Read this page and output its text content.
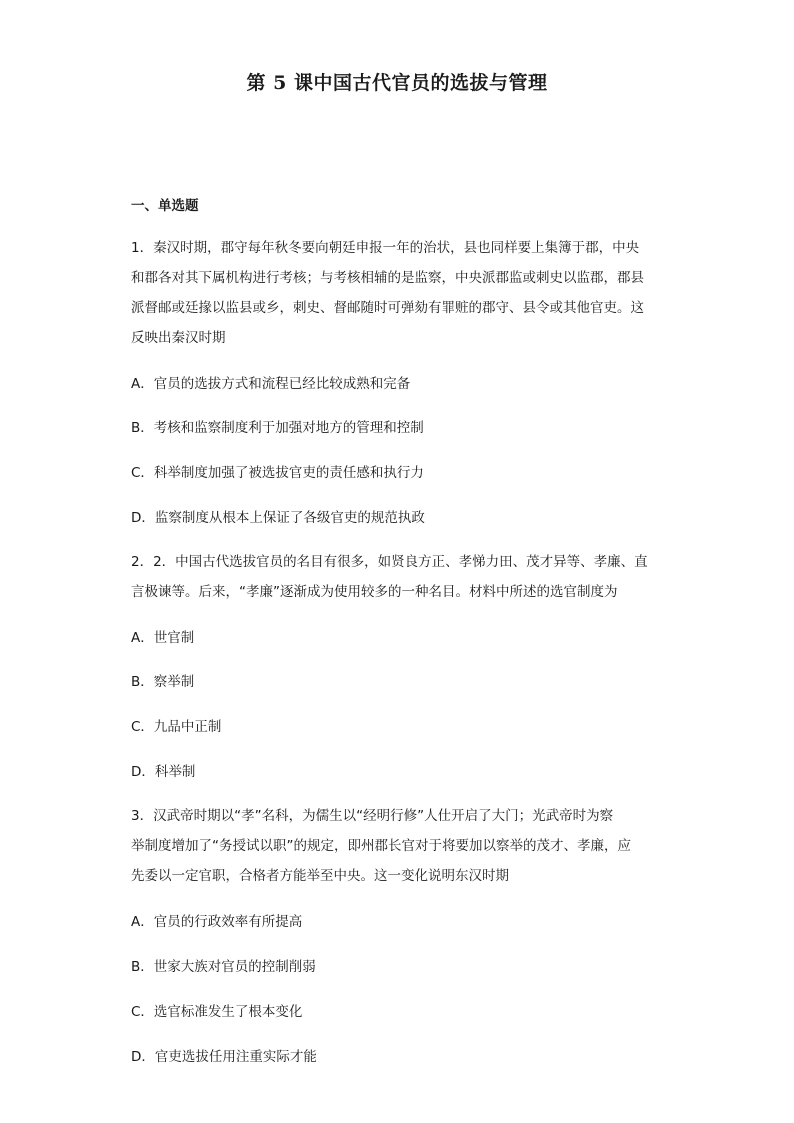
第 5 课中国古代官员的选拔与管理
一、单选题
1．秦汉时期，郡守每年秋冬要向朝廷申报一年的治状，县也同样要上集簿于郡，中央
和郡各对其下属机构进行考核；与考核相辅的是监察，中央派郡监或刺史以监郡，郡县
派督邮或廷掾以监县或乡，刺史、督邮随时可弹劾有罪赃的郡守、县令或其他官吏。这
反映出秦汉时期
A．官员的选拔方式和流程已经比较成熟和完备
B．考核和监察制度利于加强对地方的管理和控制
C．科举制度加强了被选拔官吏的责任感和执行力
D．监察制度从根本上保证了各级官吏的规范执政
2．2．中国古代选拔官员的名目有很多，如贤良方正、孝悌力田、茂才异等、孝廉、直
言极谏等。后来，“孝廉”逐渐成为使用较多的一种名目。材料中所述的选官制度为
A．世官制
B．察举制
C．九品中正制
D．科举制
3．汉武帝时期以“孝”名科，为儒生以“经明行修”人仕开启了大门；光武帝时为察
举制度增加了“务授试以职”的规定，即州郡长官对于将要加以察举的茂才、孝廉，应
先委以一定官职，合格者方能举至中央。这一变化说明东汉时期
A．官员的行政效率有所提高
B．世家大族对官员的控制削弱
C．选官标准发生了根本变化
D．官吏选拔任用注重实际才能
